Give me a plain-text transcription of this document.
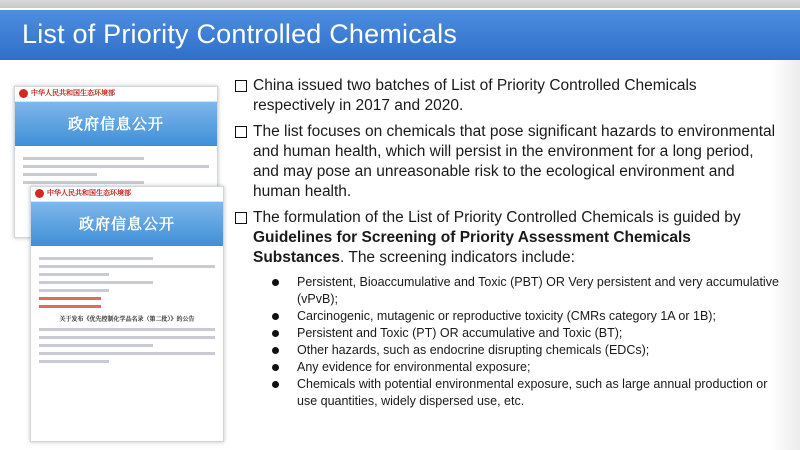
List of Priority Controlled Chemicals
中华人民共和国生态环境部
政府信息公开
中华人民共和国生态环境部
政府信息公开
关于发布《优先控制化学品名录（第二批）》的公告
China issued two batches of List of Priority Controlled Chemicals respectively in 2017 and 2020.
The list focuses on chemicals that pose significant hazards to environmental and human health, which will persist in the environment for a long period, and may pose an unreasonable risk to the ecological environment and human health.
The formulation of the List of Priority Controlled Chemicals is guided by Guidelines for Screening of Priority Assessment Chemicals Substances. The screening indicators include:
Persistent, Bioaccumulative and Toxic (PBT) OR Very persistent and very accumulative (vPvB);
Carcinogenic, mutagenic or reproductive toxicity (CMRs category 1A or 1B);
Persistent and Toxic (PT) OR accumulative and Toxic (BT);
Other hazards, such as endocrine disrupting chemicals (EDCs);
Any evidence for environmental exposure;
Chemicals with potential environmental exposure, such as large annual production or use quantities, widely dispersed use, etc.
